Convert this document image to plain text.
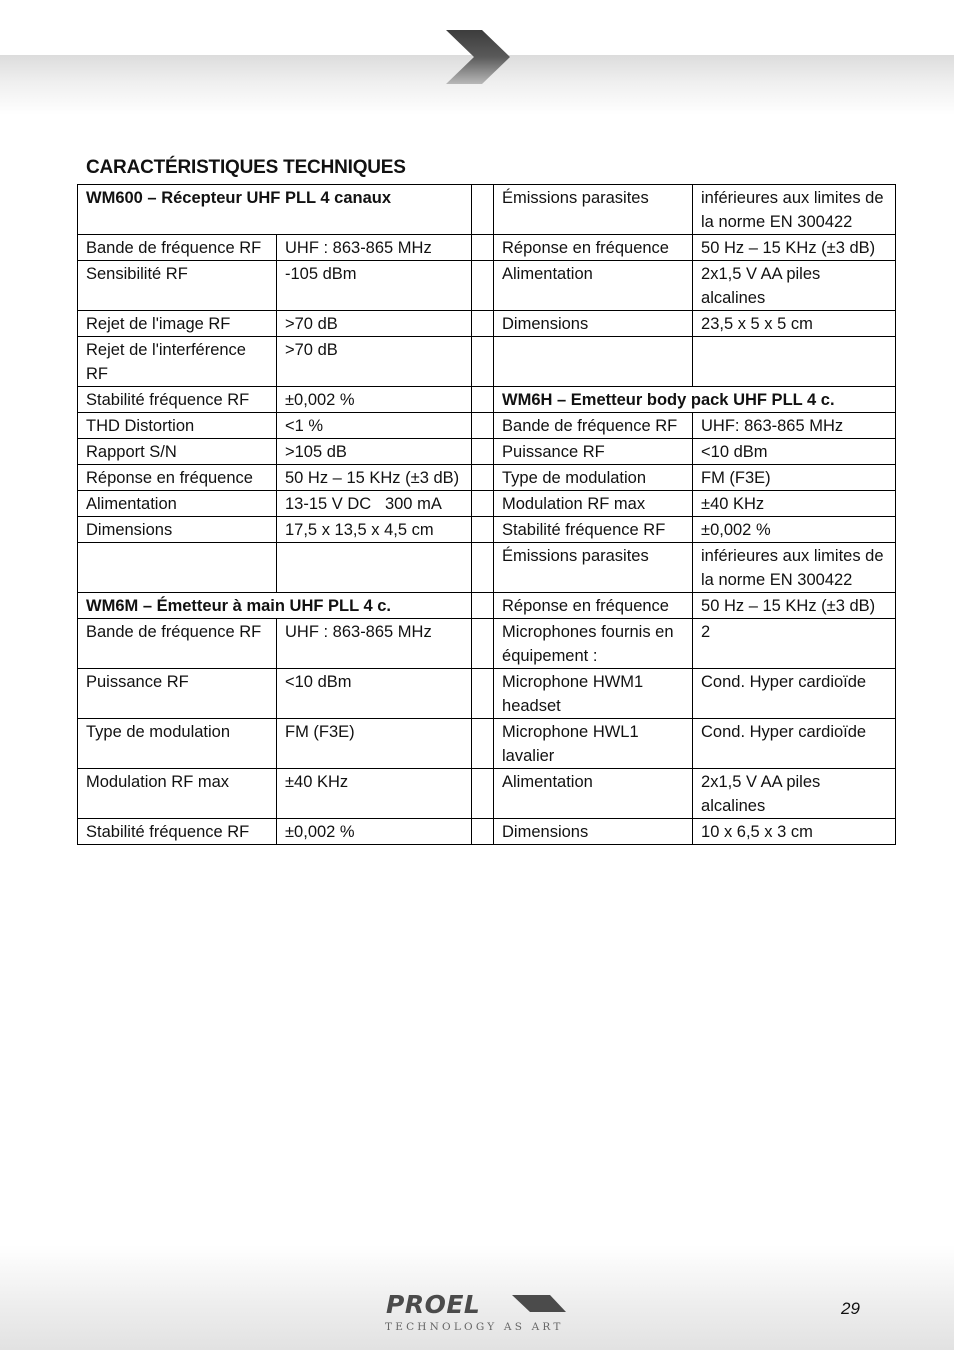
CARACTÉRISTIQUES TECHNIQUES
WM600 – Récepteur UHF PLL 4 canaux			Émissions parasites	inférieures aux limites de la norme EN 300422
Bande de fréquence RF	UHF : 863-865 MHz		Réponse en fréquence	50 Hz – 15 KHz (±3 dB)
Sensibilité RF	-105 dBm		Alimentation	2x1,5 V AA piles alcalines
Rejet de l'image RF	>70 dB		Dimensions	23,5 x 5 x 5 cm
Rejet de l'interférence RF	>70 dB			
Stabilité fréquence RF	±0,002 %		WM6H – Emetteur body pack UHF PLL 4 c.	
THD Distortion	<1 %		Bande de fréquence RF	UHF: 863-865 MHz
Rapport S/N	>105 dB		Puissance RF	<10 dBm
Réponse en fréquence	50 Hz – 15 KHz (±3 dB)		Type de modulation	FM (F3E)
Alimentation	13-15 V DC   300 mA		Modulation RF max	±40 KHz
Dimensions	17,5 x 13,5 x 4,5 cm		Stabilité fréquence RF	±0,002 %
			Émissions parasites	inférieures aux limites de la norme EN 300422
WM6M – Émetteur à main UHF PLL 4 c.			Réponse en fréquence	50 Hz – 15 KHz (±3 dB)
Bande de fréquence RF	UHF : 863-865 MHz		Microphones fournis en équipement :	2
Puissance RF	<10 dBm		Microphone HWM1 headset	Cond. Hyper cardioïde
Type de modulation	FM (F3E)		Microphone HWL1 lavalier	Cond. Hyper cardioïde
Modulation RF max	±40 KHz		Alimentation	2x1,5 V AA piles alcalines
Stabilité fréquence RF	±0,002 %		Dimensions	10 x 6,5 x 3 cm
PROEL
TECHNOLOGY AS ART
29
